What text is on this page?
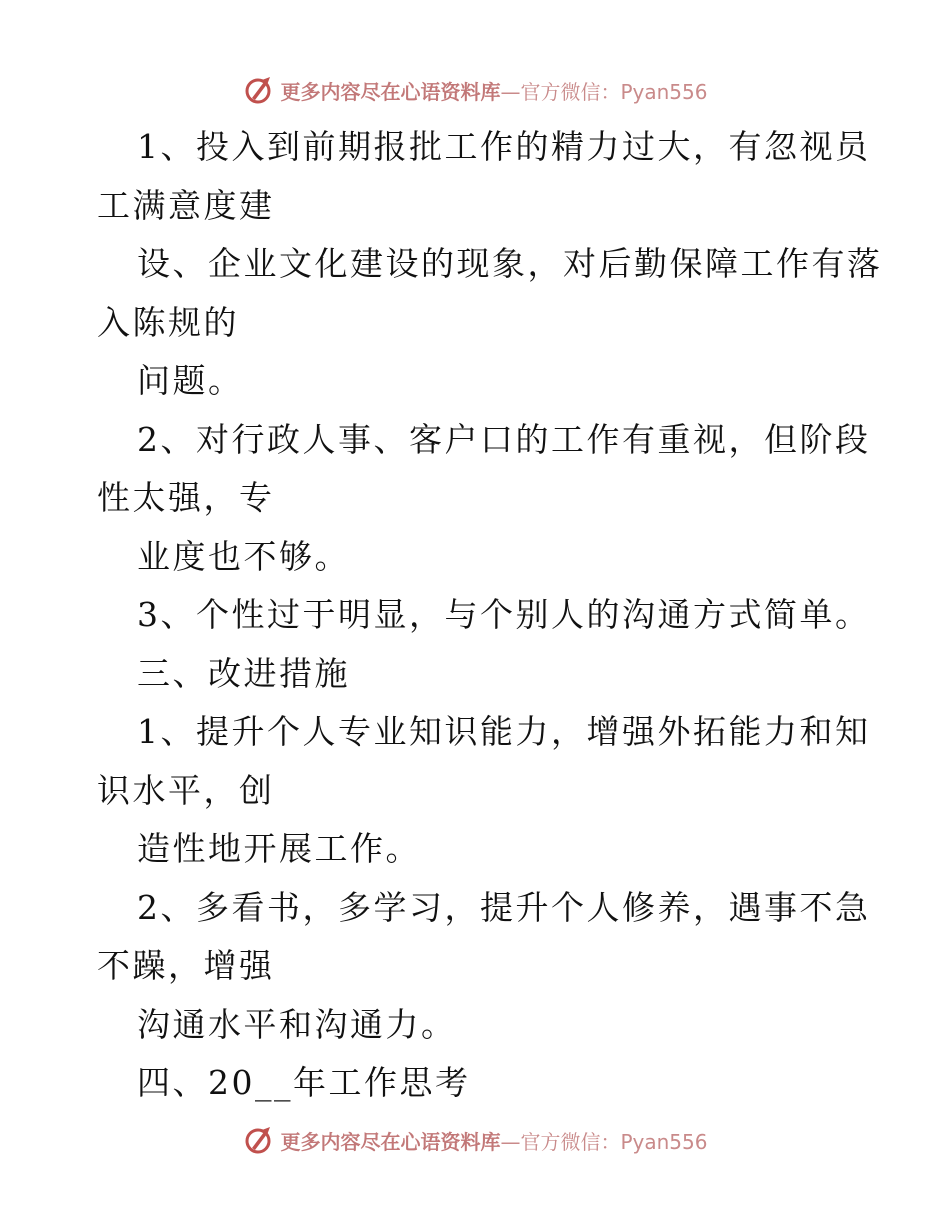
更多内容尽在心语资料库—官方微信：Pyan556
1、投入到前期报批工作的精力过大，有忽视员
工满意度建
设、企业文化建设的现象，对后勤保障工作有落
入陈规的
问题。
2、对行政人事、客户口的工作有重视，但阶段
性太强，专
业度也不够。
3、个性过于明显，与个别人的沟通方式简单。
三、改进措施
1、提升个人专业知识能力，增强外拓能力和知
识水平，创
造性地开展工作。
2、多看书，多学习，提升个人修养，遇事不急
不躁，增强
沟通水平和沟通力。
四、20__年工作思考
更多内容尽在心语资料库—官方微信：Pyan556
